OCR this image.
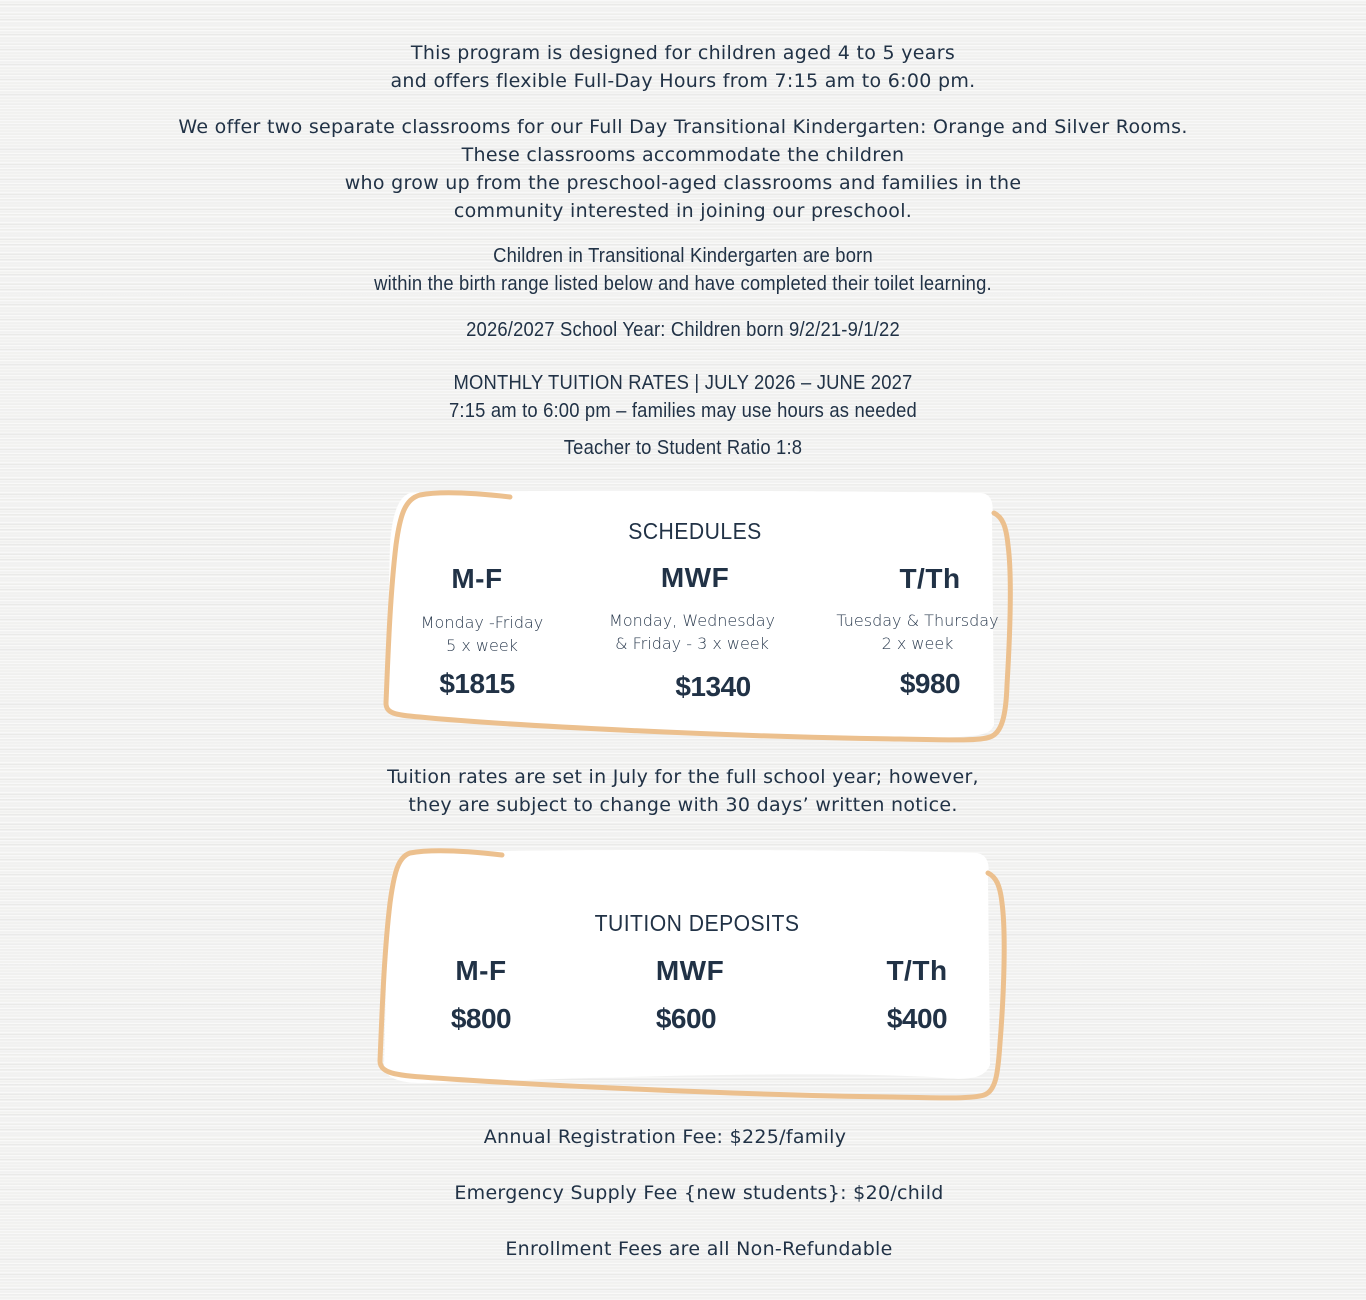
This program is designed for children aged 4 to 5 years
and offers flexible Full-Day Hours from 7:15 am to 6:00 pm.
We offer two separate classrooms for our Full Day Transitional Kindergarten: Orange and Silver Rooms.
These classrooms accommodate the children
who grow up from the preschool-aged classrooms and families in the
community interested in joining our preschool.
Children in Transitional Kindergarten are born
within the birth range listed below and have completed their toilet learning.
2026/2027 School Year: Children born 9/2/21-9/1/22
MONTHLY TUITION RATES | JULY 2026 – JUNE 2027
7:15 am to 6:00 pm – families may use hours as needed
Teacher to Student Ratio 1:8
SCHEDULES
M-F
Monday -Friday
5 x week
$1815
MWF
Monday, Wednesday
& Friday - 3 x week
$1340
T/Th
Tuesday & Thursday
2 x week
$980
Tuition rates are set in July for the full school year; however,
they are subject to change with 30 days’ written notice.
TUITION DEPOSITS
M-F
$800
MWF
$600
T/Th
$400
Annual Registration Fee: $225/family
Emergency Supply Fee {new students}: $20/child
Enrollment Fees are all Non-Refundable
